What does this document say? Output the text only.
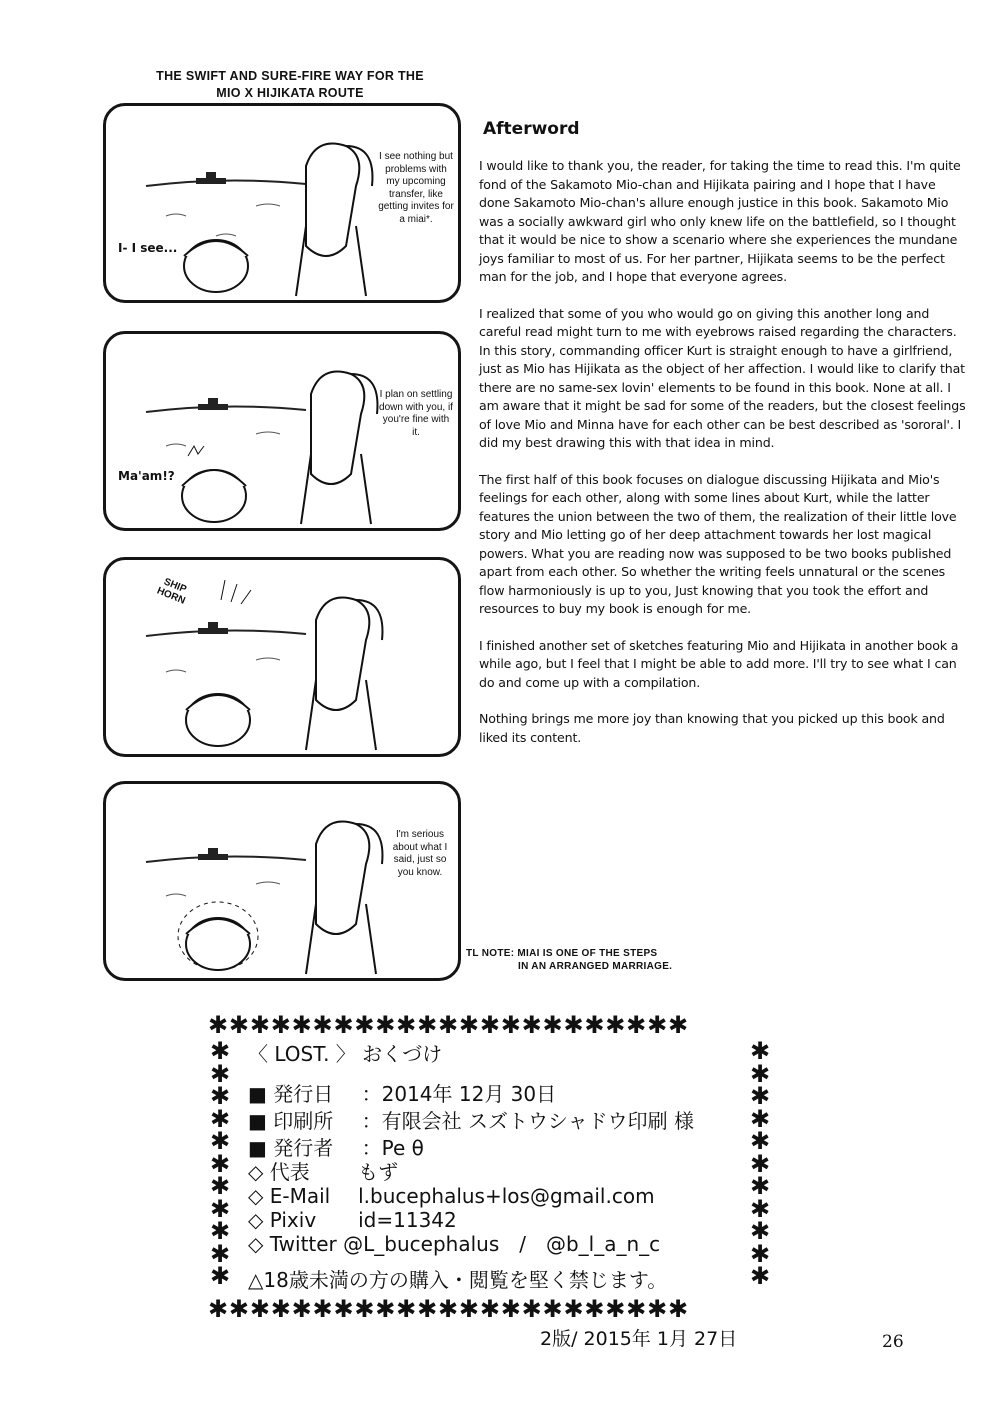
THE SWIFT AND SURE-FIRE WAY FOR THE MIO X HIJIKATA ROUTE
I see nothing but problems with my upcoming transfer, like getting invites for a miai*.
I- I see...
I plan on settling down with you, if you're fine with it.
Ma'am!?
SHIP HORN
I'm serious about what I said, just so you know.
TL NOTE: MIAI IS ONE OF THE STEPS
IN AN ARRANGED MARRIAGE.
Afterword

I would like to thank you, the reader, for taking the time to read this. I'm quite fond of the Sakamoto Mio-chan and Hijikata pairing and I hope that I have done Sakamoto Mio-chan's allure enough justice in this book. Sakamoto Mio was a socially awkward girl who only knew life on the battlefield, so I thought that it would be nice to show a scenario where she experiences the mundane joys familiar to most of us. For her partner, Hijikata seems to be the perfect man for the job, and I hope that everyone agrees.

I realized that some of you who would go on giving this another long and careful read might turn to me with eyebrows raised regarding the characters. In this story, commanding officer Kurt is straight enough to have a girlfriend, just as Mio has Hijikata as the object of her affection. I would like to clarify that there are no same-sex lovin' elements to be found in this book. None at all. I am aware that it might be sad for some of the readers, but the closest feelings of love Mio and Minna have for each other can be best described as 'sororal'. I did my best drawing this with that idea in mind.

The first half of this book focuses on dialogue discussing Hijikata and Mio's feelings for each other, along with some lines about Kurt, while the latter features the union between the two of them, the realization of their little love story and Mio letting go of her deep attachment towards her lost magical powers. What you are reading now was supposed to be two books published apart from each other. So whether the writing feels unnatural or the scenes flow harmoniously is up to you, Just knowing that you took the effort and resources to buy my book is enough for me.

I finished another set of sketches featuring Mio and Hijikata in another book a while ago, but I feel that I might be able to add more. I'll try to see what I can do and come up with a compilation.

Nothing brings me more joy than knowing that you picked up this book and liked its content.

✱✱✱✱✱✱✱✱✱✱✱✱✱✱✱✱✱✱✱✱✱✱✱
✱✱✱✱✱✱✱✱✱✱✱✱✱✱✱✱✱✱✱✱✱✱✱
✱
✱
✱
✱
✱
✱
✱
✱
✱
✱
✱
✱
✱
✱
✱
✱
✱
✱
✱
✱
✱
✱
〈 LOST. 〉 おくづけ
■ 発行日 ：2014年 12月 30日
■ 印刷所 ：有限会社 スズトウシャドウ印刷 様
■ 発行者 ：Pe θ
◇ 代表 もず
◇ E-Mail l.bucephalus+los@gmail.com
◇ Pixiv id=11342
◇ Twitter @L_bucephalus　/　@b_l_a_n_c
△18歳未満の方の購入・閲覧を堅く禁じます。
2版/ 2015年 1月 27日	26
